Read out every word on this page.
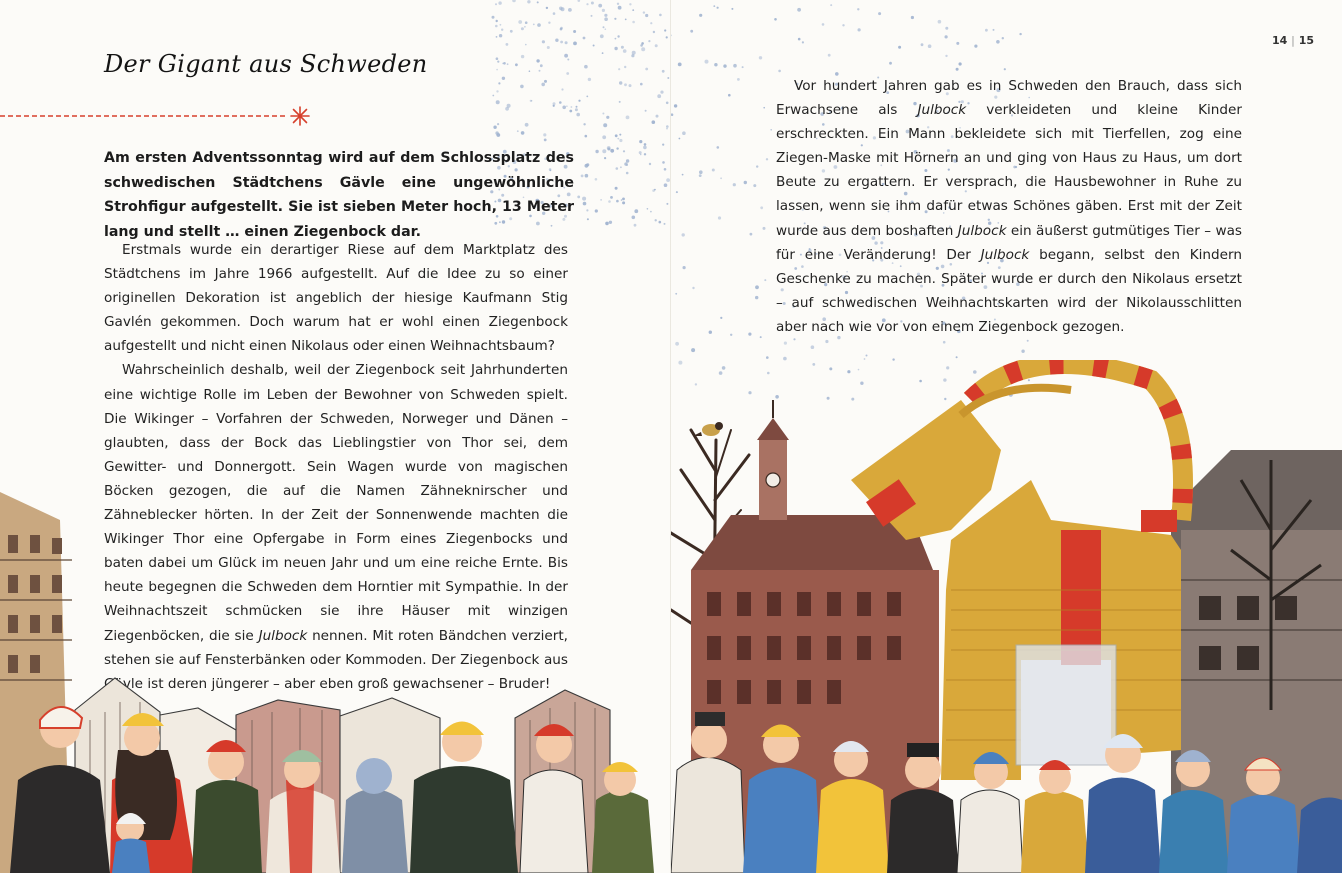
Der Gigant aus Schweden

Am ersten Adventssonntag wird auf dem Schlossplatz des schwedischen Städtchens Gävle eine ungewöhnliche Strohfigur aufgestellt. Sie ist sieben Meter hoch, 13 Meter lang und stellt … einen Ziegenbock dar.

Erstmals wurde ein derartiger Riese auf dem Marktplatz des Städtchens im Jahre 1966 aufgestellt. Auf die Idee zu so einer originellen Dekoration ist angeblich der hiesige Kaufmann Stig Gavlén gekommen. Doch warum hat er wohl einen Ziegenbock aufgestellt und nicht einen Nikolaus oder einen Weihnachtsbaum?

Wahrscheinlich deshalb, weil der Ziegenbock seit Jahrhunderten eine wichtige Rolle im Leben der Bewohner von Schweden spielt. Die Wikinger – Vorfahren der Schweden, Norweger und Dänen – glaubten, dass der Bock das Lieblingstier von Thor sei, dem Gewitter- und Donnergott. Sein Wagen wurde von magischen Böcken gezogen, die auf die Namen Zähneknirscher und Zähneblecker hörten. In der Zeit der Sonnenwende machten die Wikinger Thor eine Opfergabe in Form eines Ziegenbocks und baten dabei um Glück im neuen Jahr und um eine reiche Ernte. Bis heute begegnen die Schweden dem Horntier mit Sympathie. In der Weihnachtszeit schmücken sie ihre Häuser mit winzigen Ziegenböcken, die sie Julbock nennen. Mit roten Bändchen verziert, stehen sie auf Fensterbänken oder Kommoden. Der Ziegenbock aus Gävle ist deren jüngerer – aber eben groß gewachsener – Bruder!

14 | 15

Vor hundert Jahren gab es in Schweden den Brauch, dass sich Erwachsene als Julbock verkleideten und kleine Kinder erschreckten. Ein Mann bekleidete sich mit Tierfellen, zog eine Ziegen-Maske mit Hörnern an und ging von Haus zu Haus, um dort Beute zu ergattern. Er versprach, die Hausbewohner in Ruhe zu lassen, wenn sie ihm dafür etwas Schönes gäben. Erst mit der Zeit wurde aus dem boshaften Julbock ein äußerst gutmütiges Tier – was für eine Veränderung! Der Julbock begann, selbst den Kindern Geschenke zu machen. Später wurde er durch den Nikolaus ersetzt – auf schwedischen Weihnachtskarten wird der Nikolausschlitten aber nach wie vor von einem Ziegenbock gezogen.
